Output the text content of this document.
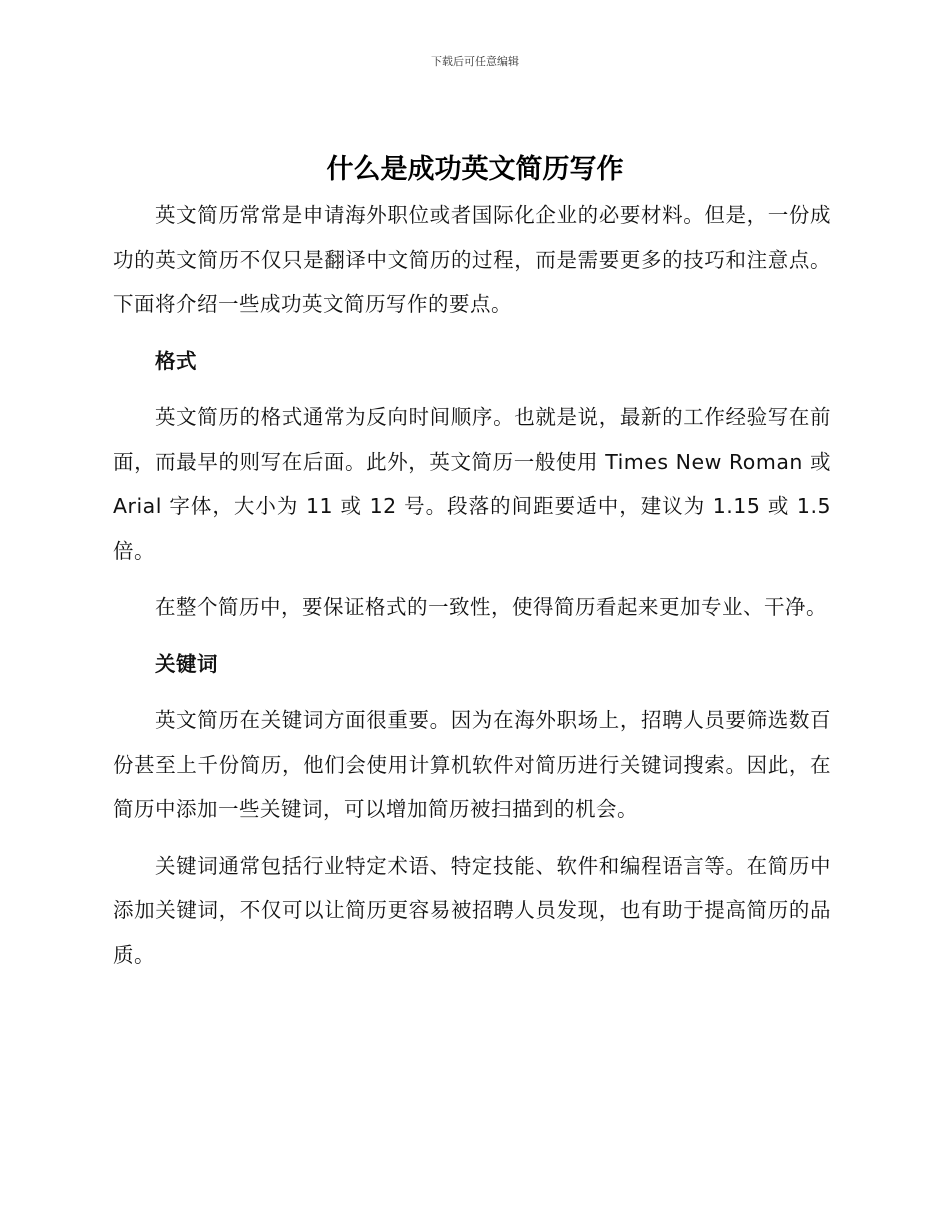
下载后可任意编辑
什么是成功英文简历写作

英文简历常常是申请海外职位或者国际化企业的必要材料。但是，一份成功的英文简历不仅只是翻译中文简历的过程，而是需要更多的技巧和注意点。下面将介绍一些成功英文简历写作的要点。

格式

英文简历的格式通常为反向时间顺序。也就是说，最新的工作经验写在前面，而最早的则写在后面。此外，英文简历一般使用 Times New Roman 或 Arial 字体，大小为 11 或 12 号。段落的间距要适中，建议为 1.15 或 1.5 倍。

在整个简历中，要保证格式的一致性，使得简历看起来更加专业、干净。

关键词

英文简历在关键词方面很重要。因为在海外职场上，招聘人员要筛选数百份甚至上千份简历，他们会使用计算机软件对简历进行关键词搜索。因此，在简历中添加一些关键词，可以增加简历被扫描到的机会。

关键词通常包括行业特定术语、特定技能、软件和编程语言等。在简历中添加关键词，不仅可以让简历更容易被招聘人员发现，也有助于提高简历的品质。
